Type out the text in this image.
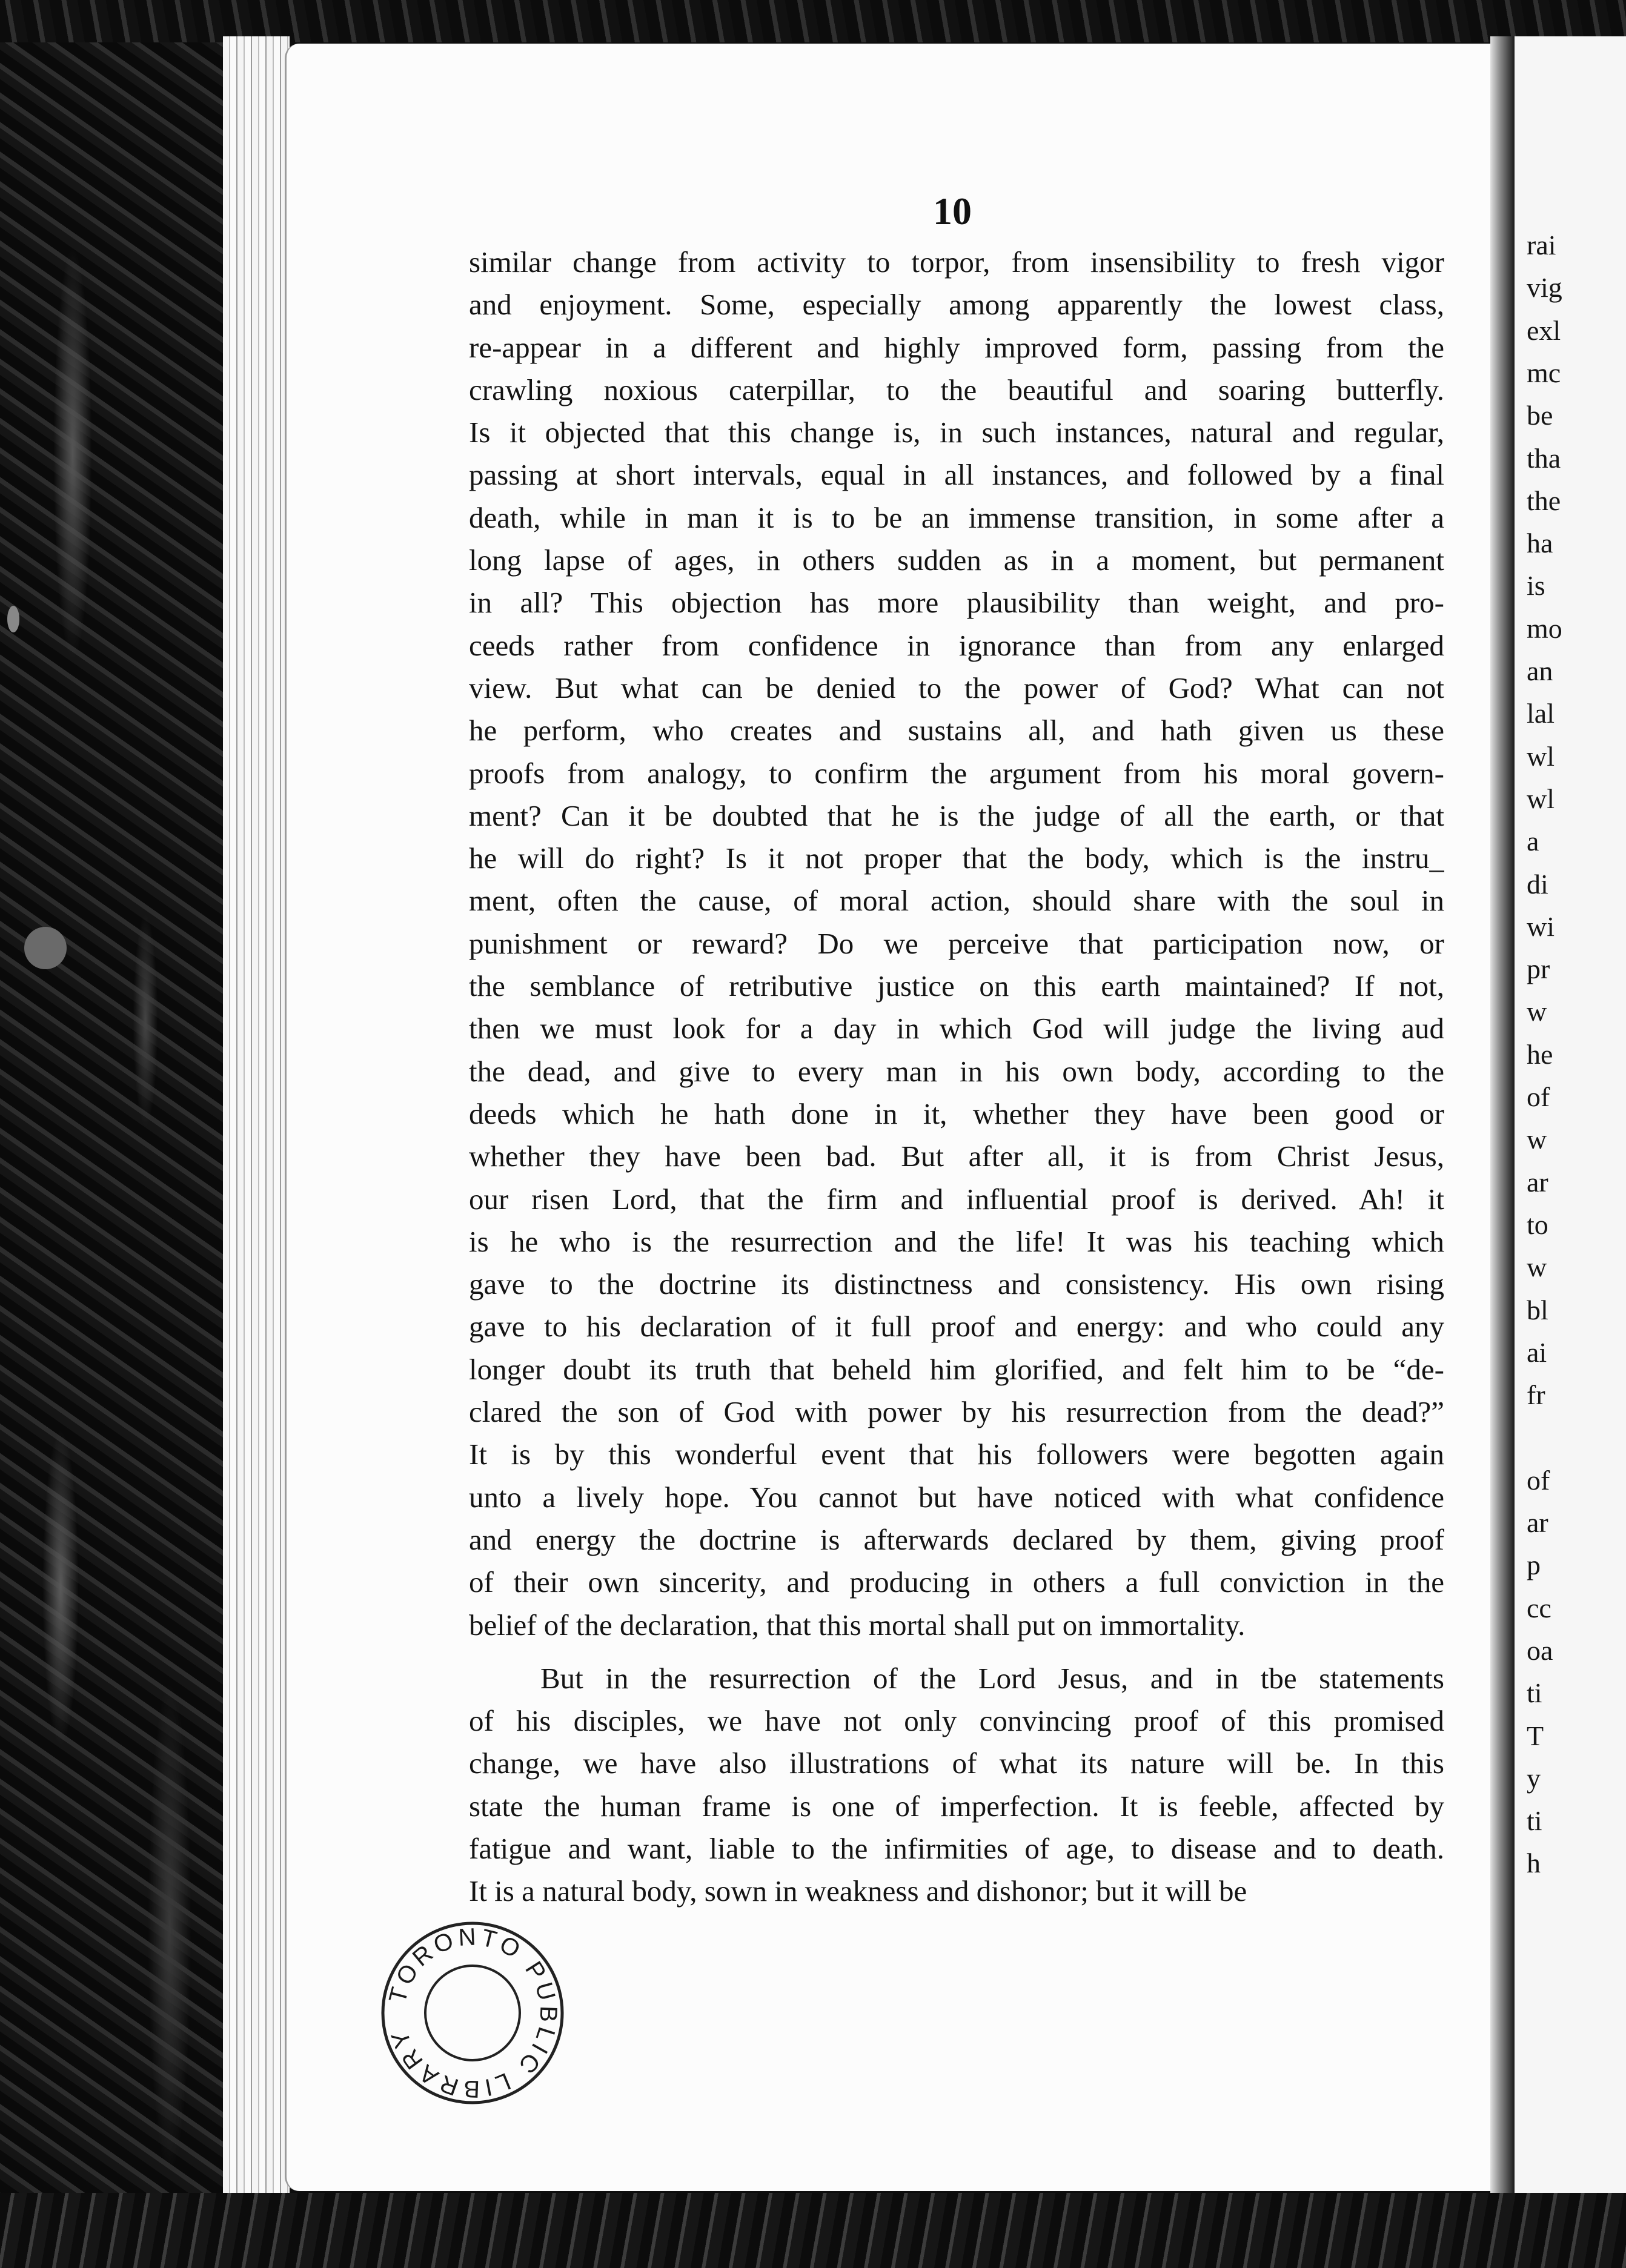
rai
vig
exl
mc
be
tha
the
ha
is
mo
an
lal
wl
wl
a
di
wi
pr
w
he
of
w
ar
to
w
bl
ai
fr
of
ar
p
cc
oa
ti
T
y
ti
h
10
similar change from activity to torpor, from insensibility to fresh vigor
and enjoyment. Some, especially among apparently the lowest class,
re-appear in a different and highly improved form, passing from the
crawling noxious caterpillar, to the beautiful and soaring butterfly.
Is it objected that this change is, in such instances, natural and regular,
passing at short intervals, equal in all instances, and followed by a final
death, while in man it is to be an immense transition, in some after a
long lapse of ages, in others sudden as in a moment, but permanent
in all? This objection has more plausibility than weight, and pro-
ceeds rather from confidence in ignorance than from any enlarged
view. But what can be denied to the power of God? What can not
he perform, who creates and sustains all, and hath given us these
proofs from analogy, to confirm the argument from his moral govern-
ment? Can it be doubted that he is the judge of all the earth, or that
he will do right? Is it not proper that the body, which is the instru_
ment, often the cause, of moral action, should share with the soul in
punishment or reward? Do we perceive that participation now, or
the semblance of retributive justice on this earth maintained? If not,
then we must look for a day in which God will judge the living aud
the dead, and give to every man in his own body, according to the
deeds which he hath done in it, whether they have been good or
whether they have been bad. But after all, it is from Christ Jesus,
our risen Lord, that the firm and influential proof is derived. Ah! it
is he who is the resurrection and the life! It was his teaching which
gave to the doctrine its distinctness and consistency. His own rising
gave to his declaration of it full proof and energy: and who could any
longer doubt its truth that beheld him glorified, and felt him to be “de-
clared the son of God with power by his resurrection from the dead?”
It is by this wonderful event that his followers were begotten again
unto a lively hope. You cannot but have noticed with what confidence
and energy the doctrine is afterwards declared by them, giving proof
of their own sincerity, and producing in others a full conviction in the
belief of the declaration, that this mortal shall put on immortality.
But in the resurrection of the Lord Jesus, and in tbe statements
of his disciples, we have not only convincing proof of this promised
change, we have also illustrations of what its nature will be. In this
state the human frame is one of imperfection. It is feeble, affected by
fatigue and want, liable to the infirmities of age, to disease and to death.
It is a natural body, sown in weakness and dishonor; but it will be
TORONTO PUBLIC LIBRARY
